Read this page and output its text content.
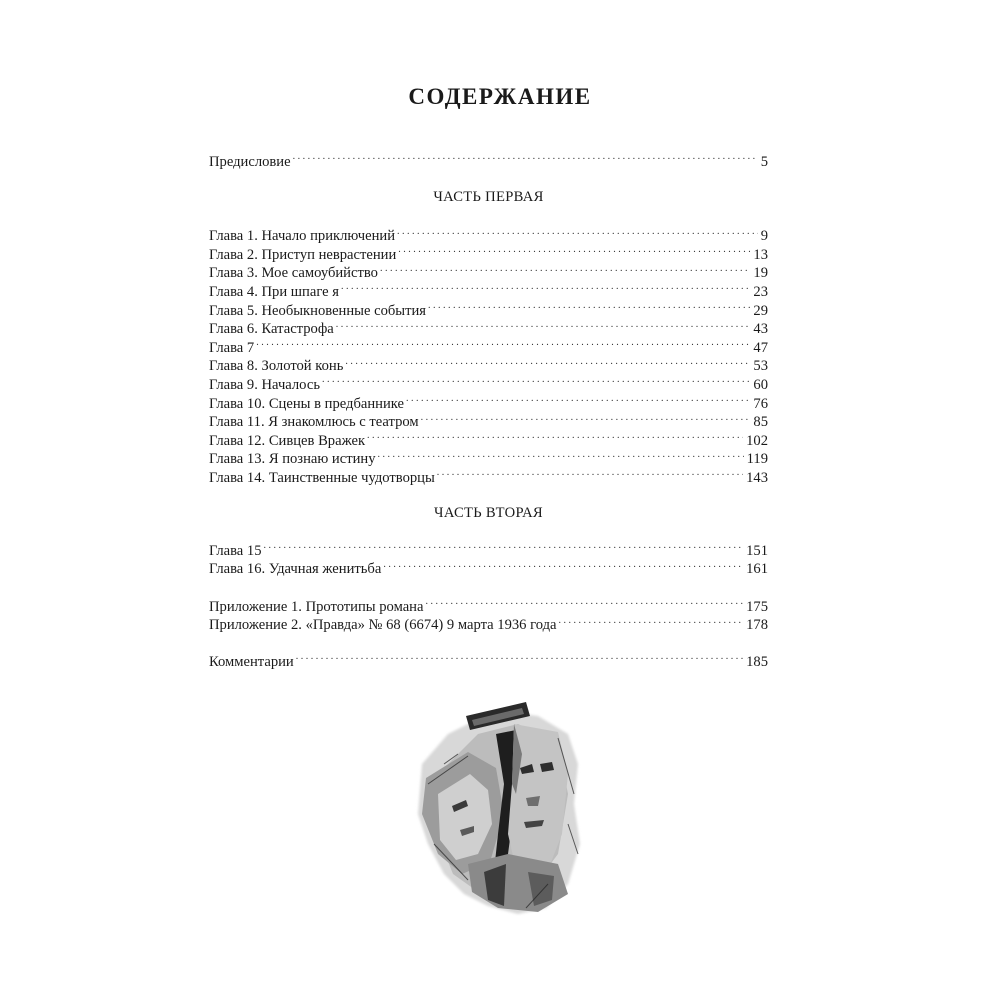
СОДЕРЖАНИЕ
Предисловие . . .	5
ЧАСТЬ ПЕРВАЯ
Глава 1. Начало приключений . . .	9
Глава 2. Приступ неврастении . . .	13
Глава 3. Мое самоубийство . . .	19
Глава 4. При шпаге я . . .	23
Глава 5. Необыкновенные события . . .	29
Глава 6. Катастрофа . . .	43
Глава 7 . . .	47
Глава 8. Золотой конь . . .	53
Глава 9. Началось . . .	60
Глава 10. Сцены в предбаннике . . .	76
Глава 11. Я знакомлюсь с театром . . .	85
Глава 12. Сивцев Вражек . . .	102
Глава 13. Я познаю истину . . .	119
Глава 14. Таинственные чудотворцы . . .	143
ЧАСТЬ ВТОРАЯ
Глава 15 . . .	151
Глава 16. Удачная женитьба . . .	161
Приложение 1. Прототипы романа . . .	175
Приложение 2. «Правда» № 68 (6674) 9 марта 1936 года . . .	178
Комментарии . . .	185
